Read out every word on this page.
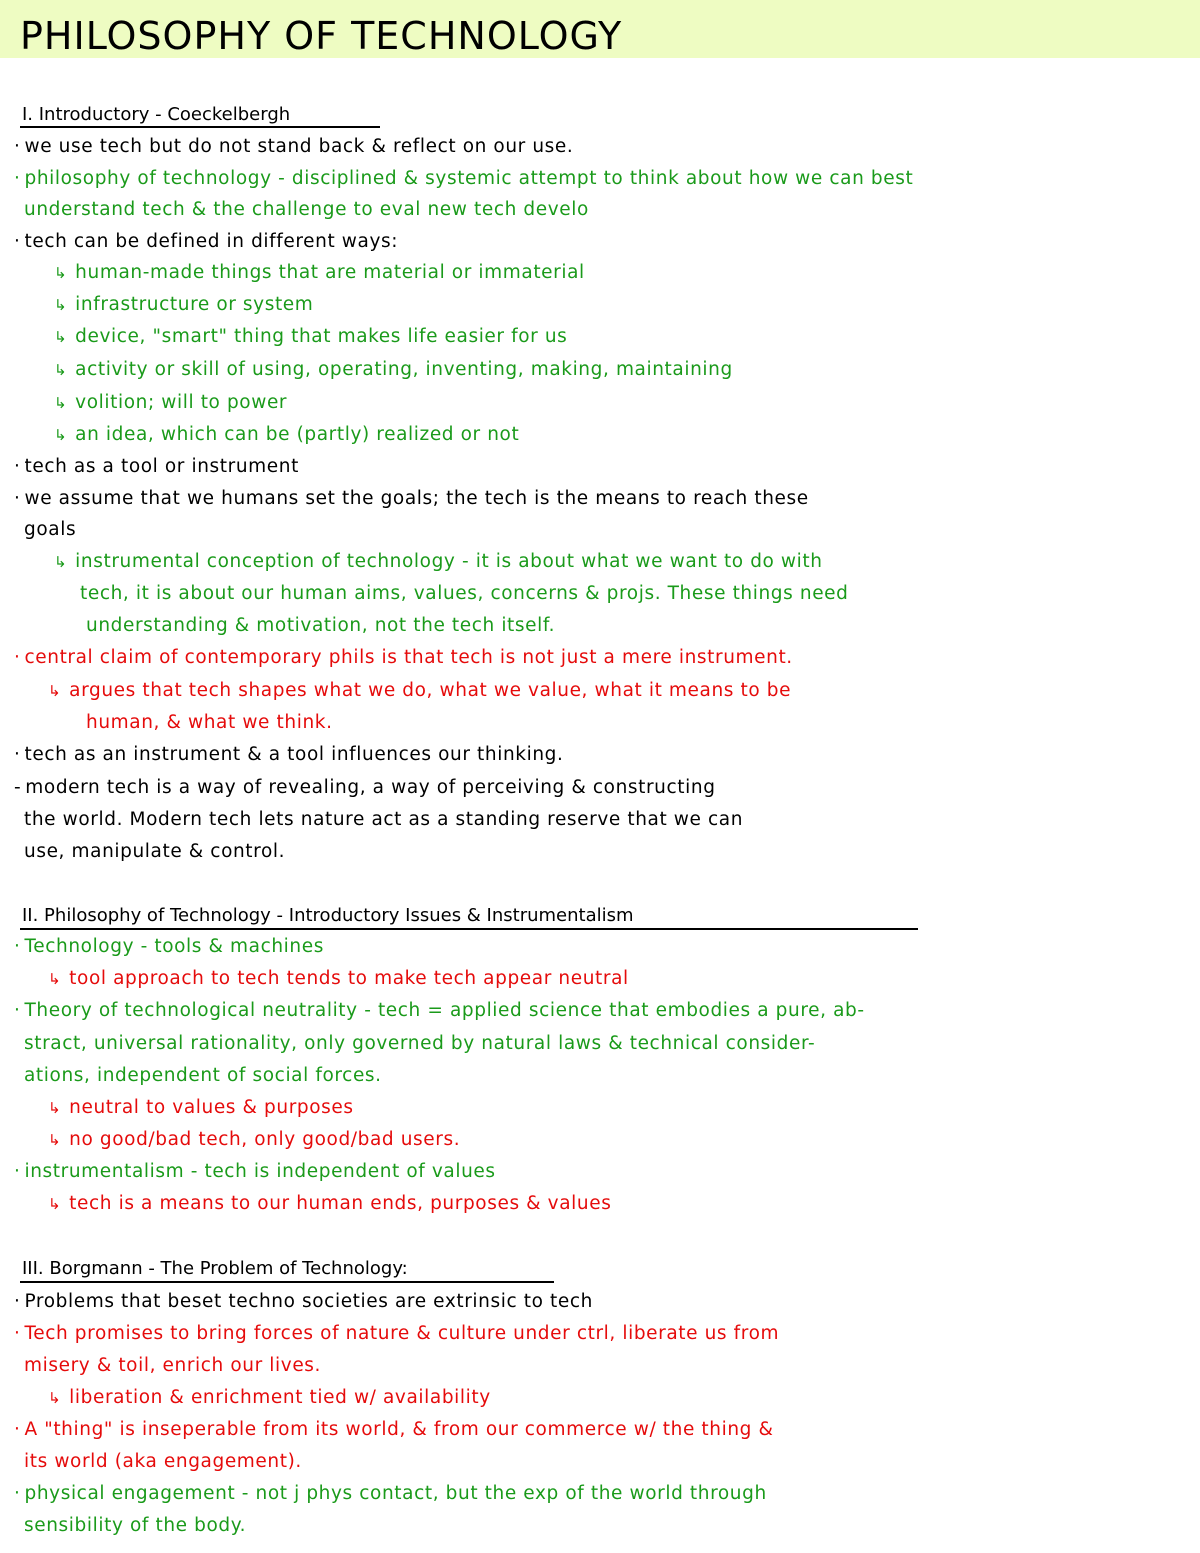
PHILOSOPHY OF TECHNOLOGY
I. Introductory - Coeckelbergh
· we use tech but do not stand back & reflect on our use.
· philosophy of technology - disciplined & systemic attempt to think about how we can best
understand tech & the challenge to eval new tech develo
· tech can be defined in different ways:
↳ human-made things that are material or immaterial
↳ infrastructure or system
↳ device, "smart" thing that makes life easier for us
↳ activity or skill of using, operating, inventing, making, maintaining
↳ volition; will to power
↳ an idea, which can be (partly) realized or not
· tech as a tool or instrument
· we assume that we humans set the goals; the tech is the means to reach these
goals
↳ instrumental conception of technology - it is about what we want to do with
tech, it is about our human aims, values, concerns & projs. These things need
understanding & motivation, not the tech itself.
· central claim of contemporary phils is that tech is not just a mere instrument.
↳ argues that tech shapes what we do, what we value, what it means to be
human, & what we think.
· tech as an instrument & a tool influences our thinking.
- modern tech is a way of revealing, a way of perceiving & constructing
the world. Modern tech lets nature act as a standing reserve that we can
use, manipulate & control.
II. Philosophy of Technology - Introductory Issues & Instrumentalism
· Technology - tools & machines
↳ tool approach to tech tends to make tech appear neutral
· Theory of technological neutrality - tech = applied science that embodies a pure, ab-
stract, universal rationality, only governed by natural laws & technical consider-
ations, independent of social forces.
↳ neutral to values & purposes
↳ no good/bad tech, only good/bad users.
· instrumentalism - tech is independent of values
↳ tech is a means to our human ends, purposes & values
III. Borgmann - The Problem of Technology:
· Problems that beset techno societies are extrinsic to tech
· Tech promises to bring forces of nature & culture under ctrl, liberate us from
misery & toil, enrich our lives.
↳ liberation & enrichment tied w/ availability
· A "thing" is inseperable from its world, & from our commerce w/ the thing &
its world (aka engagement).
· physical engagement - not j phys contact, but the exp of the world through
sensibility of the body.
